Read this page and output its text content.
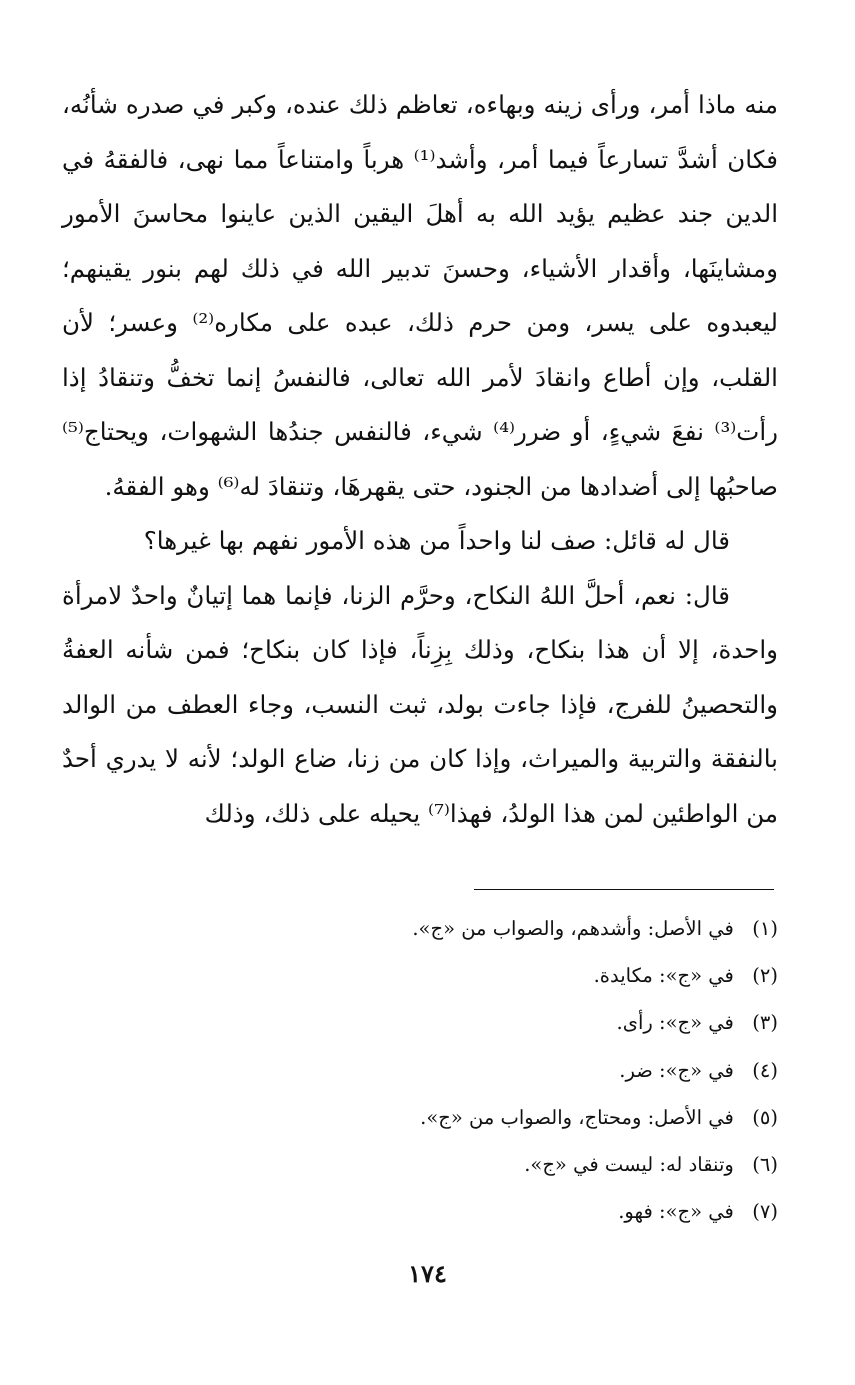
منه ماذا أمر، ورأى زينه وبهاءه، تعاظم ذلك عنده، وكبر في صدره شأنُه، فكان أشدَّ تسارعاً فيما أمر، وأشد⁽¹⁾ هرباً وامتناعاً مما نهى، فالفقهُ في الدين جند عظيم يؤيد الله به أهلَ اليقين الذين عاينوا محاسنَ الأمور ومشاينَها، وأقدار الأشياء، وحسنَ تدبير الله في ذلك لهم بنور يقينهم؛ ليعبدوه على يسر، ومن حرم ذلك، عبده على مكاره⁽²⁾ وعسر؛ لأن القلب، وإن أطاع وانقادَ لأمر الله تعالى، فالنفسُ إنما تخفُّ وتنقادُ إذا رأت⁽³⁾ نفعَ شيءٍ، أو ضرر⁽⁴⁾ شيء، فالنفس جندُها الشهوات، ويحتاج⁽⁵⁾ صاحبُها إلى أضدادها من الجنود، حتى يقهرهَا، وتنقادَ له⁽⁶⁾ وهو الفقهُ.

قال له قائل: صف لنا واحداً من هذه الأمور نفهم بها غيرها؟

قال: نعم، أحلَّ اللهُ النكاح، وحرَّم الزنا، فإنما هما إتيانٌ واحدٌ لامرأة واحدة، إلا أن هذا بنكاح، وذلك بِزِناً، فإذا كان بنكاح؛ فمن شأنه العفةُ والتحصينُ للفرج، فإذا جاءت بولد، ثبت النسب، وجاء العطف من الوالد بالنفقة والتربية والميراث، وإذا كان من زنا، ضاع الولد؛ لأنه لا يدري أحدٌ من الواطئين لمن هذا الولدُ، فهذا⁽⁷⁾ يحيله على ذلك، وذلك

(١) في الأصل: وأشدهم، والصواب من «ج».
(٢) في «ج»: مكايدة.
(٣) في «ج»: رأى.
(٤) في «ج»: ضر.
(٥) في الأصل: ومحتاج، والصواب من «ج».
(٦) وتنقاد له: ليست في «ج».
(٧) في «ج»: فهو.
١٧٤
